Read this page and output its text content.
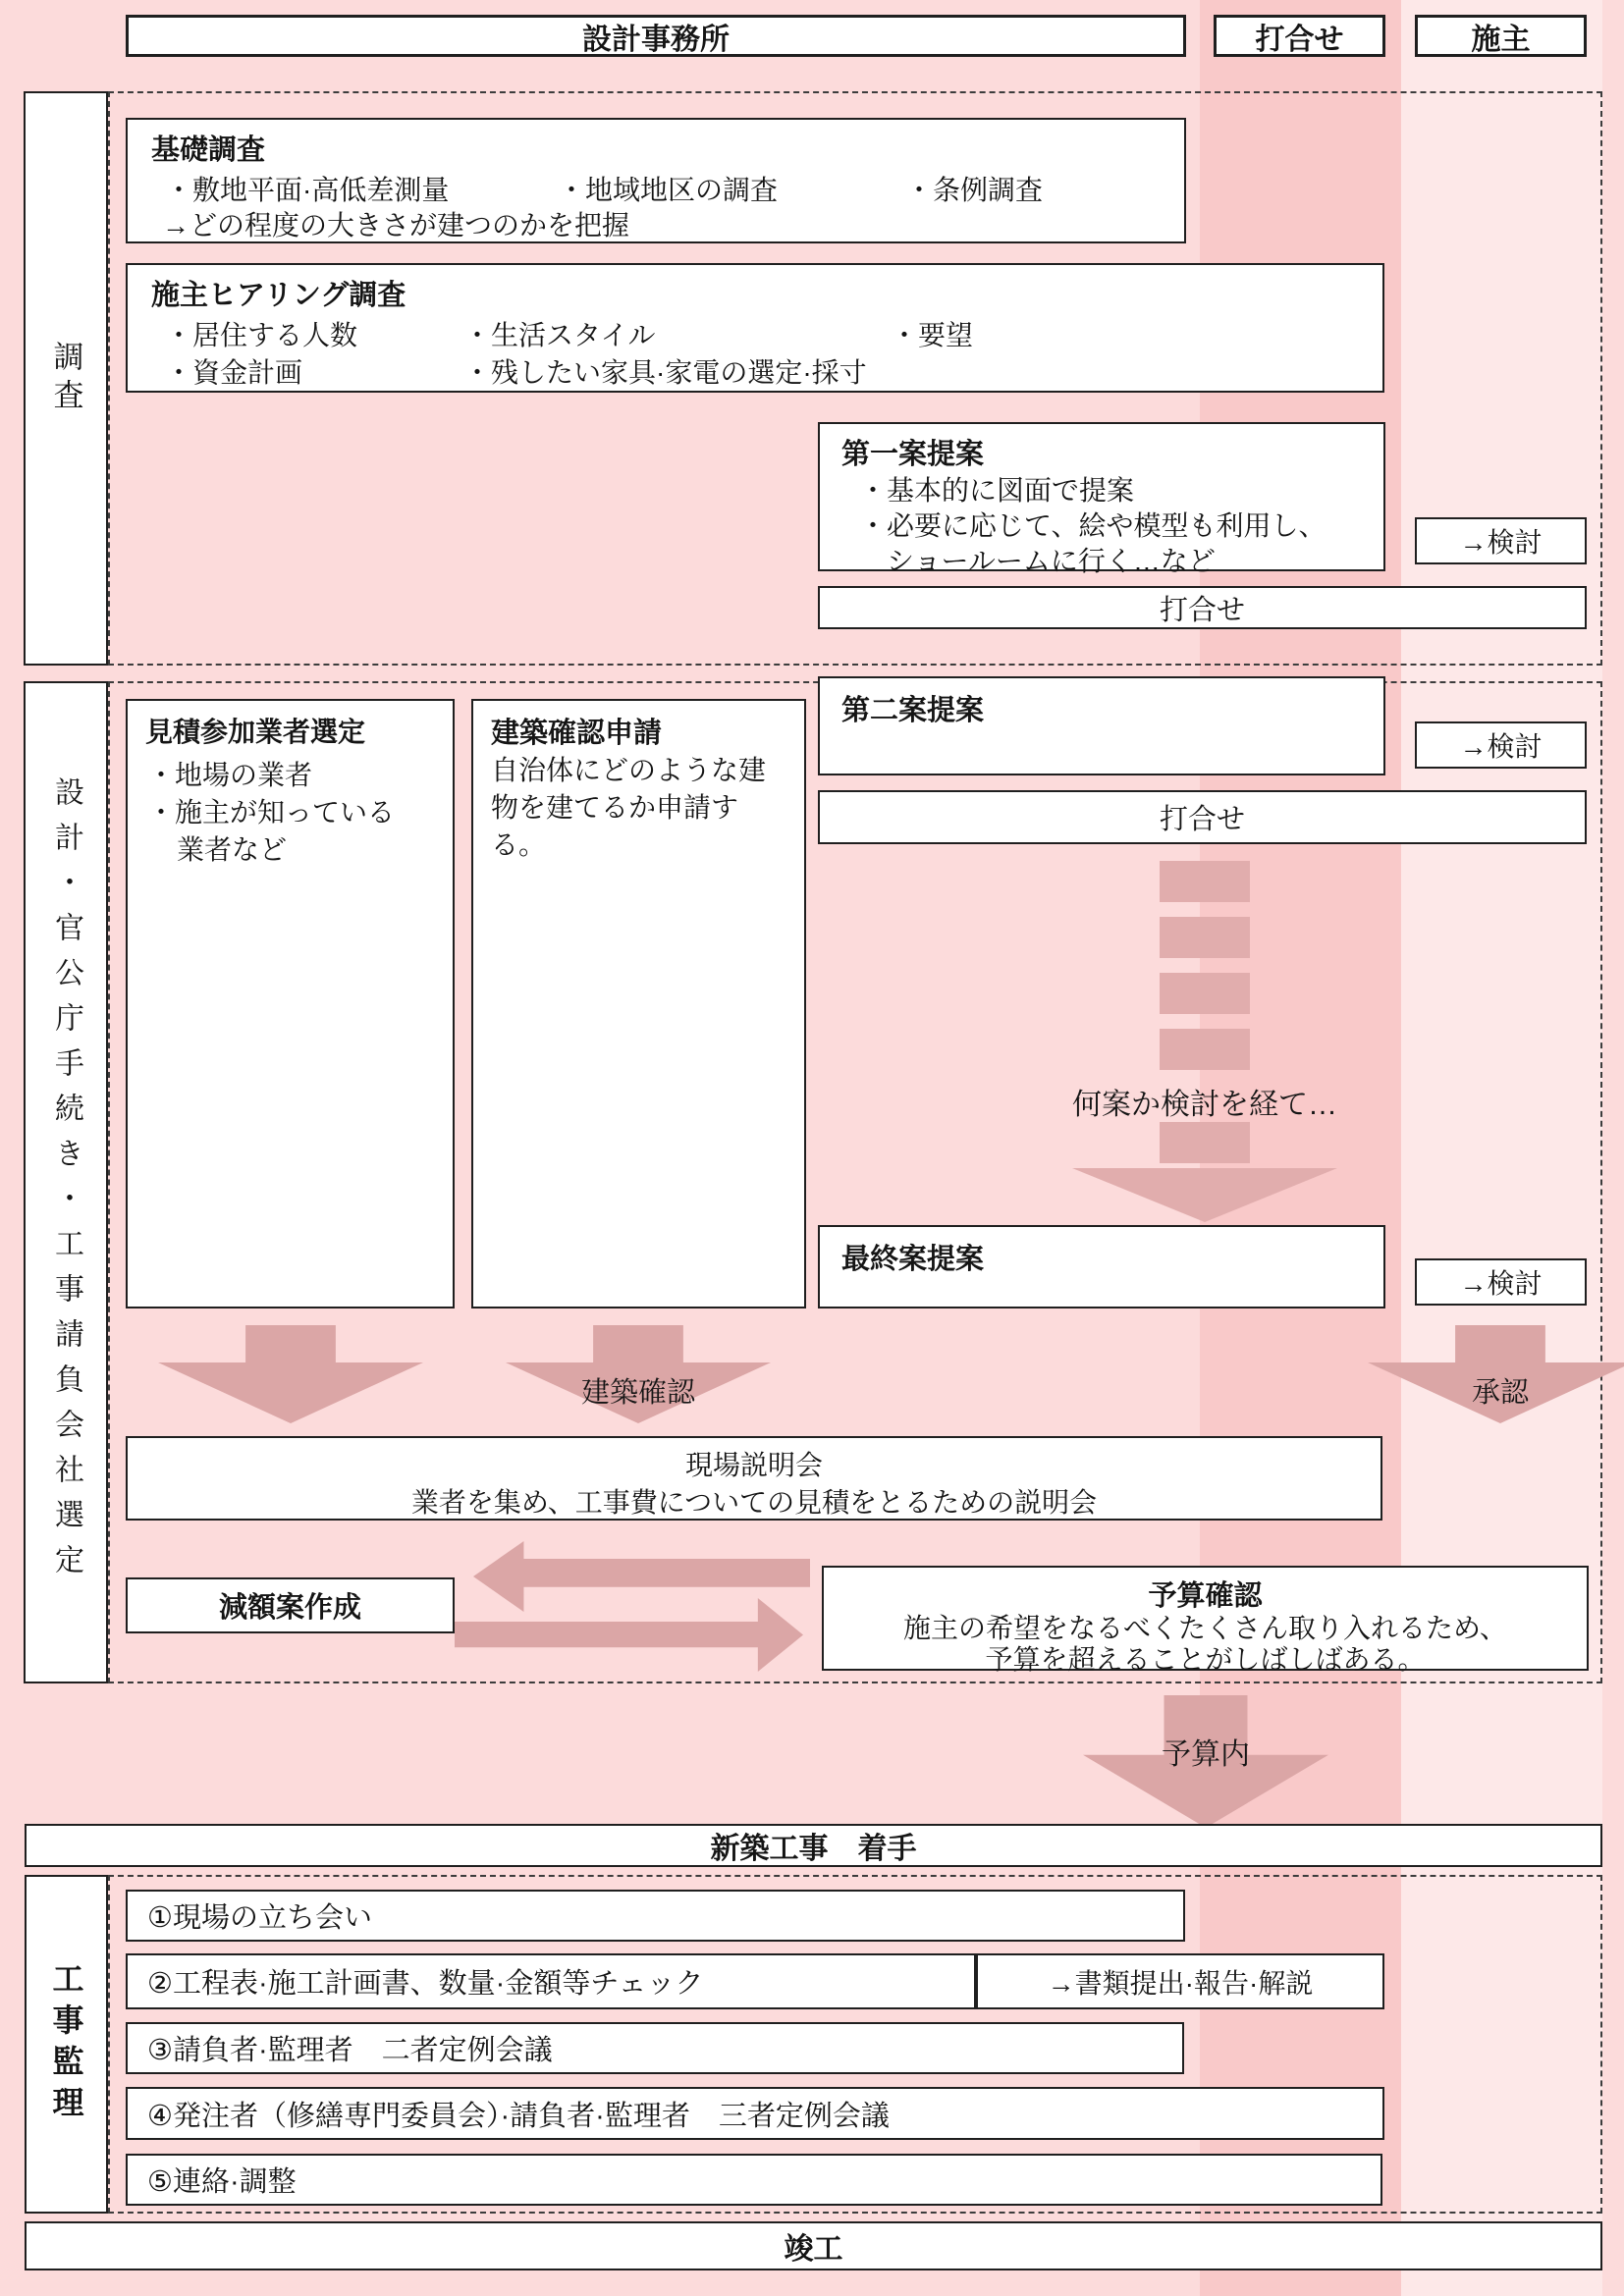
設計事務所	打合せ	施主
調査
基礎調査
・敷地平面·高低差測量	・地域地区の調査	・条例調査
→どの程度の大きさが建つのかを把握
施主ヒアリング調査
・居住する人数	・生活スタイル	・要望
・資金計画	・残したい家具·家電の選定·採寸
第一案提案
・基本的に図面で提案
・必要に応じて、絵や模型も利用し、
ショールームに行く…など
→検討
打合せ
設計・官公庁手続き・工事請負会社選定
見積参加業者選定
・地場の業者
・施主が知っている
業者など
建築確認申請
自治体にどのような建物を建てるか申請する。
第二案提案
→検討
打合せ
何案か検討を経て…
最終案提案
→検討
建築確認	承認
現場説明会
業者を集め、工事費についての見積をとるための説明会
減額案作成	予算確認
施主の希望をなるべくたくさん取り入れるため、
予算を超えることがしばしばある。
予算内
新築工事　着手
工事監理
①現場の立ち会い
②工程表·施工計画書、数量·金額等チェック	→書類提出·報告·解説
③請負者·監理者　二者定例会議
④発注者（修繕専門委員会）·請負者·監理者　三者定例会議
⑤連絡·調整
竣工
